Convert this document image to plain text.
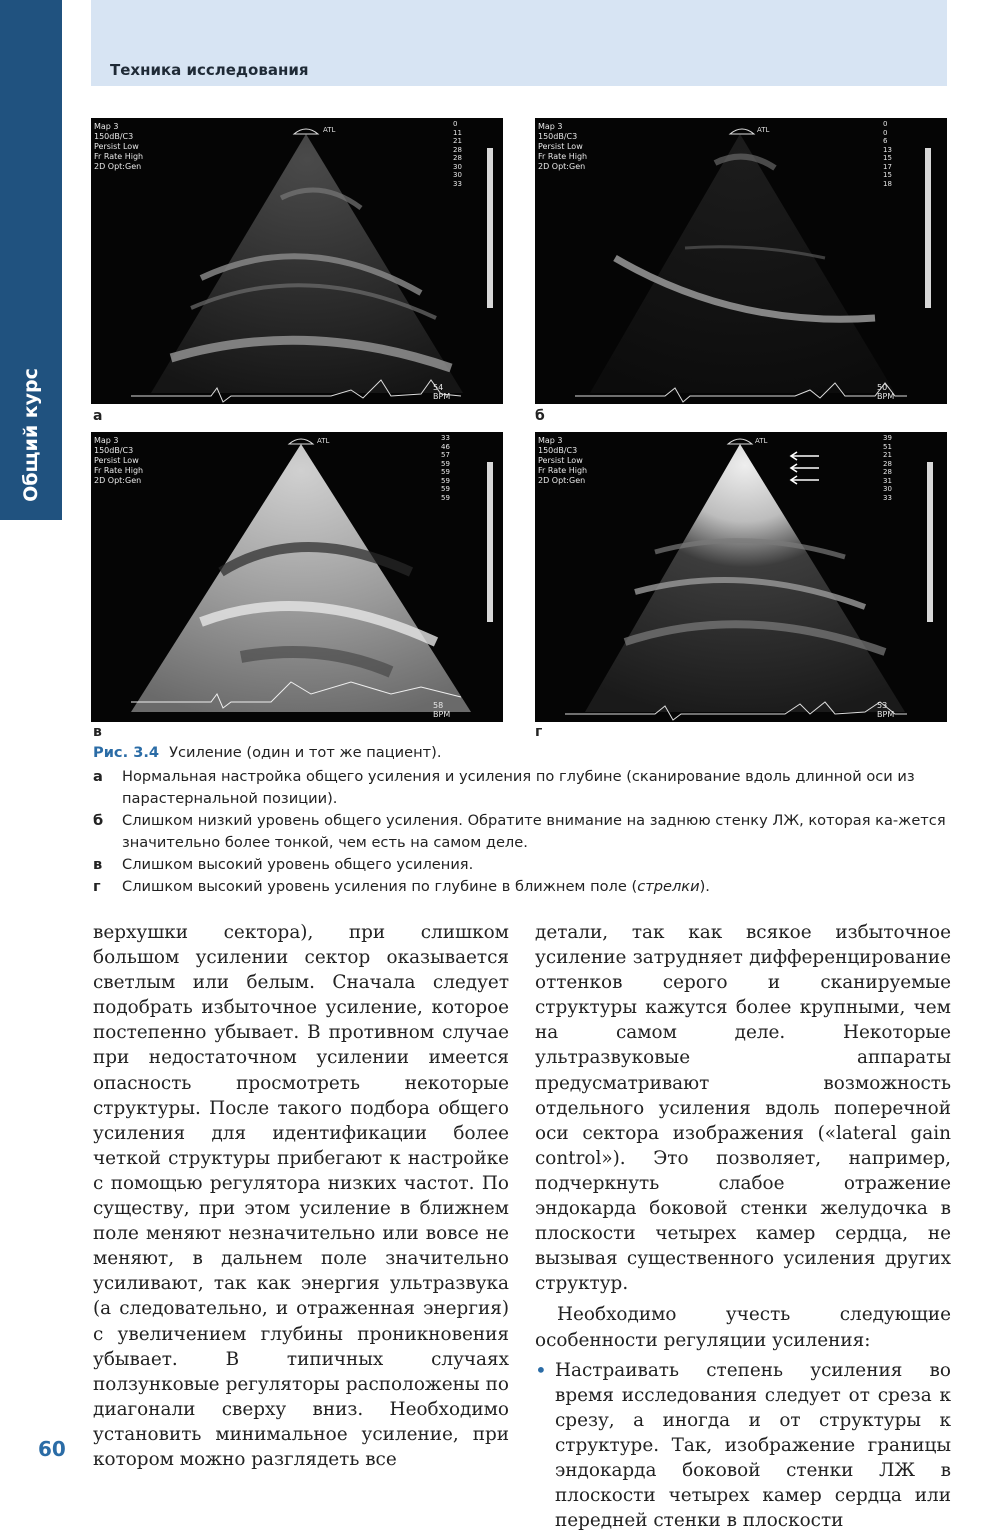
Общий курс
Техника исследования
ATL
Map 3
150dB/C3
Persist Low
Fr Rate High
2D Opt:Gen
0
11
21
28
28
30
30
33
54
BPM
ATL
Map 3
150dB/C3
Persist Low
Fr Rate High
2D Opt:Gen
0
0
6
13
15
17
15
18
50
BPM
ATL
Map 3
150dB/C3
Persist Low
Fr Rate High
2D Opt:Gen
33
46
57
59
59
59
59
59
58
BPM
ATL
Map 3
150dB/C3
Persist Low
Fr Rate High
2D Opt:Gen
39
51
21
28
28
31
30
33
53
BPM
а	б
в	г

Рис. 3.4 Усиление (один и тот же пациент).

а	Нормальная настройка общего усиления и усиления по глубине (сканирование вдоль длинной оси из парастернальной позиции).
б	Слишком низкий уровень общего усиления. Обратите внимание на заднюю стенку ЛЖ, которая ка-жется значительно более тонкой, чем есть на самом деле.
в	Слишком высокий уровень общего усиления.
г	Слишком высокий уровень усиления по глубине в ближнем поле (стрелки).

верхушки сектора), при слишком большом усилении сектор оказывается светлым или белым. Сначала следует подобрать избыточное усиление, которое постепенно убывает. В противном случае при недостаточном усилении имеется опасность просмотреть некоторые структуры. После такого подбора общего усиления для идентификации более четкой структуры прибегают к настройке с помощью регулятора низких частот. По существу, при этом усиление в ближнем поле меняют незначительно или вовсе не меняют, в дальнем поле значительно усиливают, так как энергия ультразвука (а следовательно, и отраженная энергия) с увеличением глубины проникновения убывает. В типичных случаях ползунковые регуляторы расположены по диагонали сверху вниз. Необходимо установить минимальное усиление, при котором можно разглядеть все

детали, так как всякое избыточное усиление затрудняет дифференцирование оттенков серого и сканируемые структуры кажутся более крупными, чем на самом деле. Некоторые ультразвуковые аппараты предусматривают возможность отдельного усиления вдоль поперечной оси сектора изображения («lateral gain control»). Это позволяет, например, подчеркнуть слабое отражение эндокарда боковой стенки желудочка в плоскости четырех камер сердца, не вызывая существенного усиления других структур.

Необходимо учесть следующие особенности регуляции усиления:

• Настраивать степень усиления во время исследования следует от среза к срезу, а иногда и от структуры к структуре. Так, изображение границы эндокарда боковой стенки ЛЖ в плоскости четырех камер сердца или передней стенки в плоскости
60
